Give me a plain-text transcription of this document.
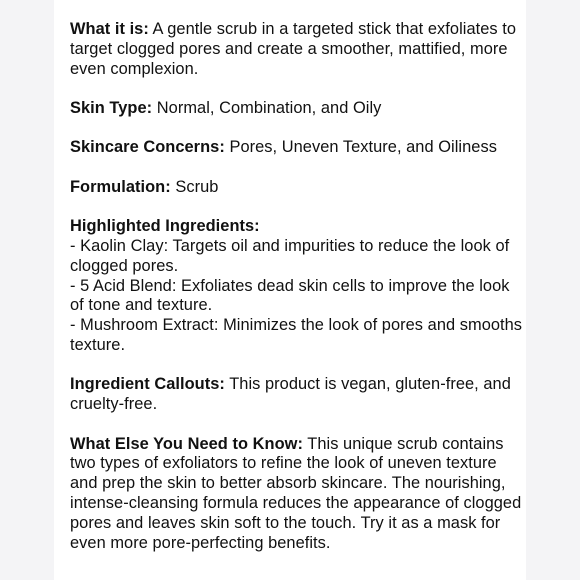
What it is: A gentle scrub in a targeted stick that exfoliates to target clogged pores and create a smoother, mattified, more even complexion.
Skin Type: Normal, Combination, and Oily
Skincare Concerns: Pores, Uneven Texture, and Oiliness
Formulation: Scrub
Highlighted Ingredients:
- Kaolin Clay: Targets oil and impurities to reduce the look of clogged pores.
- 5 Acid Blend: Exfoliates dead skin cells to improve the look of tone and texture.
- Mushroom Extract: Minimizes the look of pores and smooths texture.
Ingredient Callouts: This product is vegan, gluten-free, and cruelty-free.
What Else You Need to Know: This unique scrub contains two types of exfoliators to refine the look of uneven texture and prep the skin to better absorb skincare. The nourishing, intense-cleansing formula reduces the appearance of clogged pores and leaves skin soft to the touch. Try it as a mask for even more pore-perfecting benefits.
